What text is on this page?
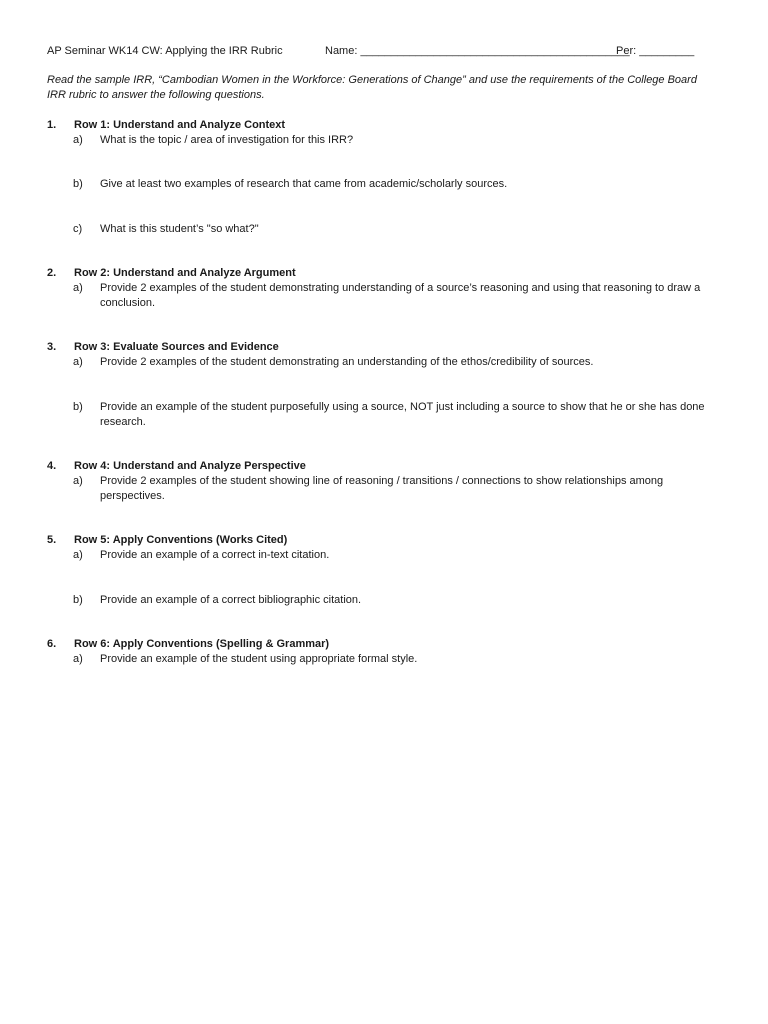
AP Seminar WK14 CW: Applying the IRR Rubric	Name: ____________________________________________
Per: _________
Read the sample IRR, “Cambodian Women in the Workforce: Generations of Change” and use the requirements of the College Board IRR rubric to answer the following questions.
1.	Row 1: Understand and Analyze Context
a)	What is the topic / area of investigation for this IRR?
b)	Give at least two examples of research that came from academic/scholarly sources.
c)	What is this student’s "so what?"
2.	Row 2: Understand and Analyze Argument
a)	Provide 2 examples of the student demonstrating understanding of a source’s reasoning and using that reasoning to draw a conclusion.
3.	Row 3: Evaluate Sources and Evidence
a)	Provide 2 examples of the student demonstrating an understanding of the ethos/credibility of sources.
b)	Provide an example of the student purposefully using a source, NOT just including a source to show that he or she has done research.
4.	Row 4: Understand and Analyze Perspective
a)	Provide 2 examples of the student showing line of reasoning / transitions / connections to show relationships among perspectives.
5.	Row 5: Apply Conventions (Works Cited)
a)	Provide an example of a correct in-text citation.
b)	Provide an example of a correct bibliographic citation.
6.	Row 6: Apply Conventions (Spelling & Grammar)
a)	Provide an example of the student using appropriate formal style.
